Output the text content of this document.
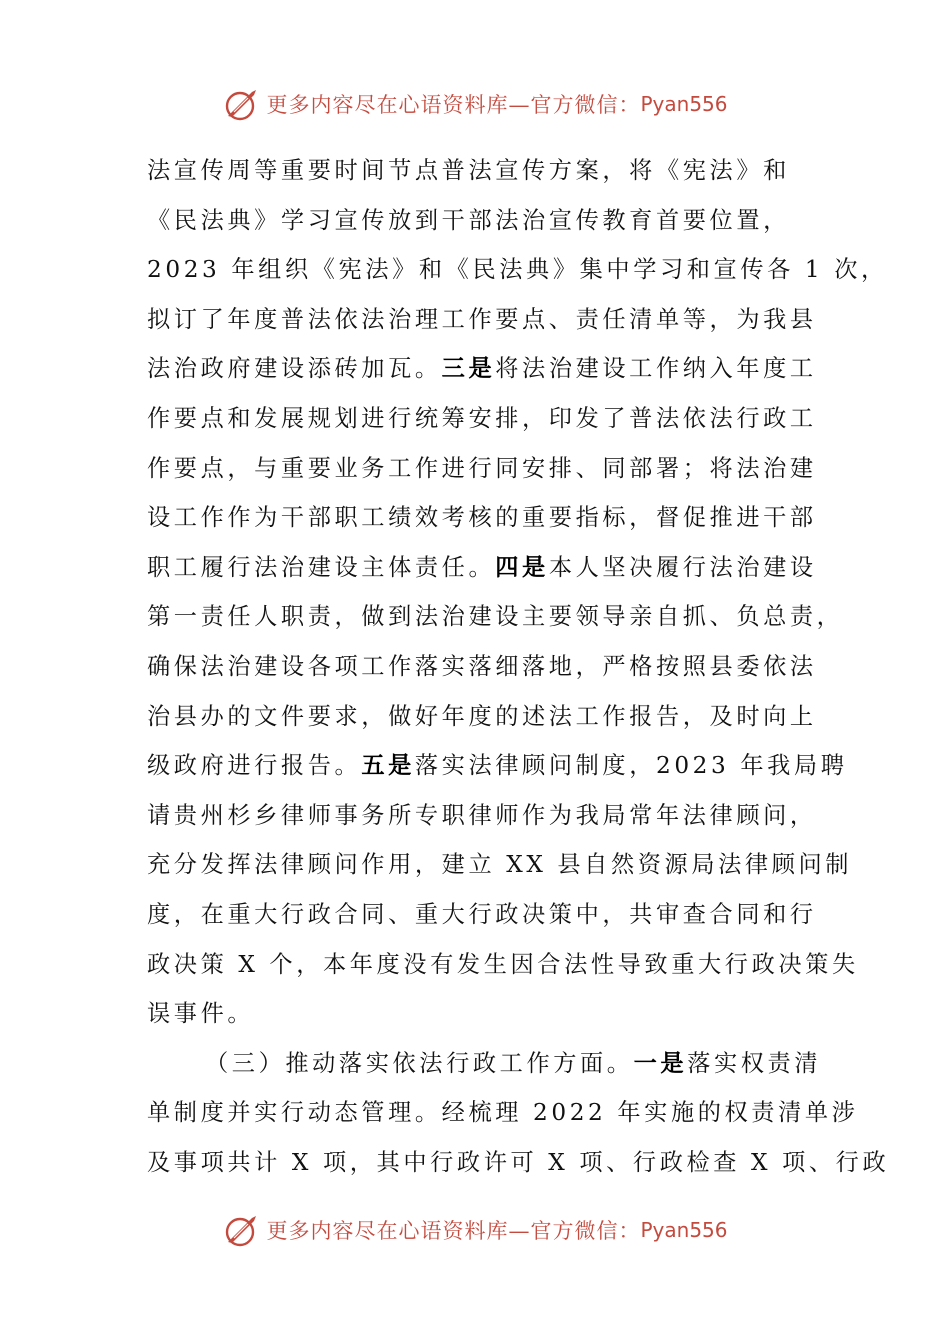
更多内容尽在心语资料库—官方微信： Pyan556
法宣传周等重要时间节点普法宣传方案，将《宪法》和
《民法典》学习宣传放到干部法治宣传教育首要位置，
2023 年组织《宪法》和《民法典》集中学习和宣传各 1 次，
拟订了年度普法依法治理工作要点、责任清单等，为我县
法治政府建设添砖加瓦。三是将法治建设工作纳入年度工
作要点和发展规划进行统筹安排，印发了普法依法行政工
作要点，与重要业务工作进行同安排、同部署；将法治建
设工作作为干部职工绩效考核的重要指标，督促推进干部
职工履行法治建设主体责任。四是本人坚决履行法治建设
第一责任人职责，做到法治建设主要领导亲自抓、负总责，
确保法治建设各项工作落实落细落地，严格按照县委依法
治县办的文件要求，做好年度的述法工作报告，及时向上
级政府进行报告。五是落实法律顾问制度，2023 年我局聘
请贵州杉乡律师事务所专职律师作为我局常年法律顾问，
充分发挥法律顾问作用，建立 XX 县自然资源局法律顾问制
度，在重大行政合同、重大行政决策中，共审查合同和行
政决策 X 个，本年度没有发生因合法性导致重大行政决策失
误事件。
（三）推动落实依法行政工作方面。一是落实权责清
单制度并实行动态管理。经梳理 2022 年实施的权责清单涉
及事项共计 X 项，其中行政许可 X 项、行政检查 X 项、行政
更多内容尽在心语资料库—官方微信： Pyan556
